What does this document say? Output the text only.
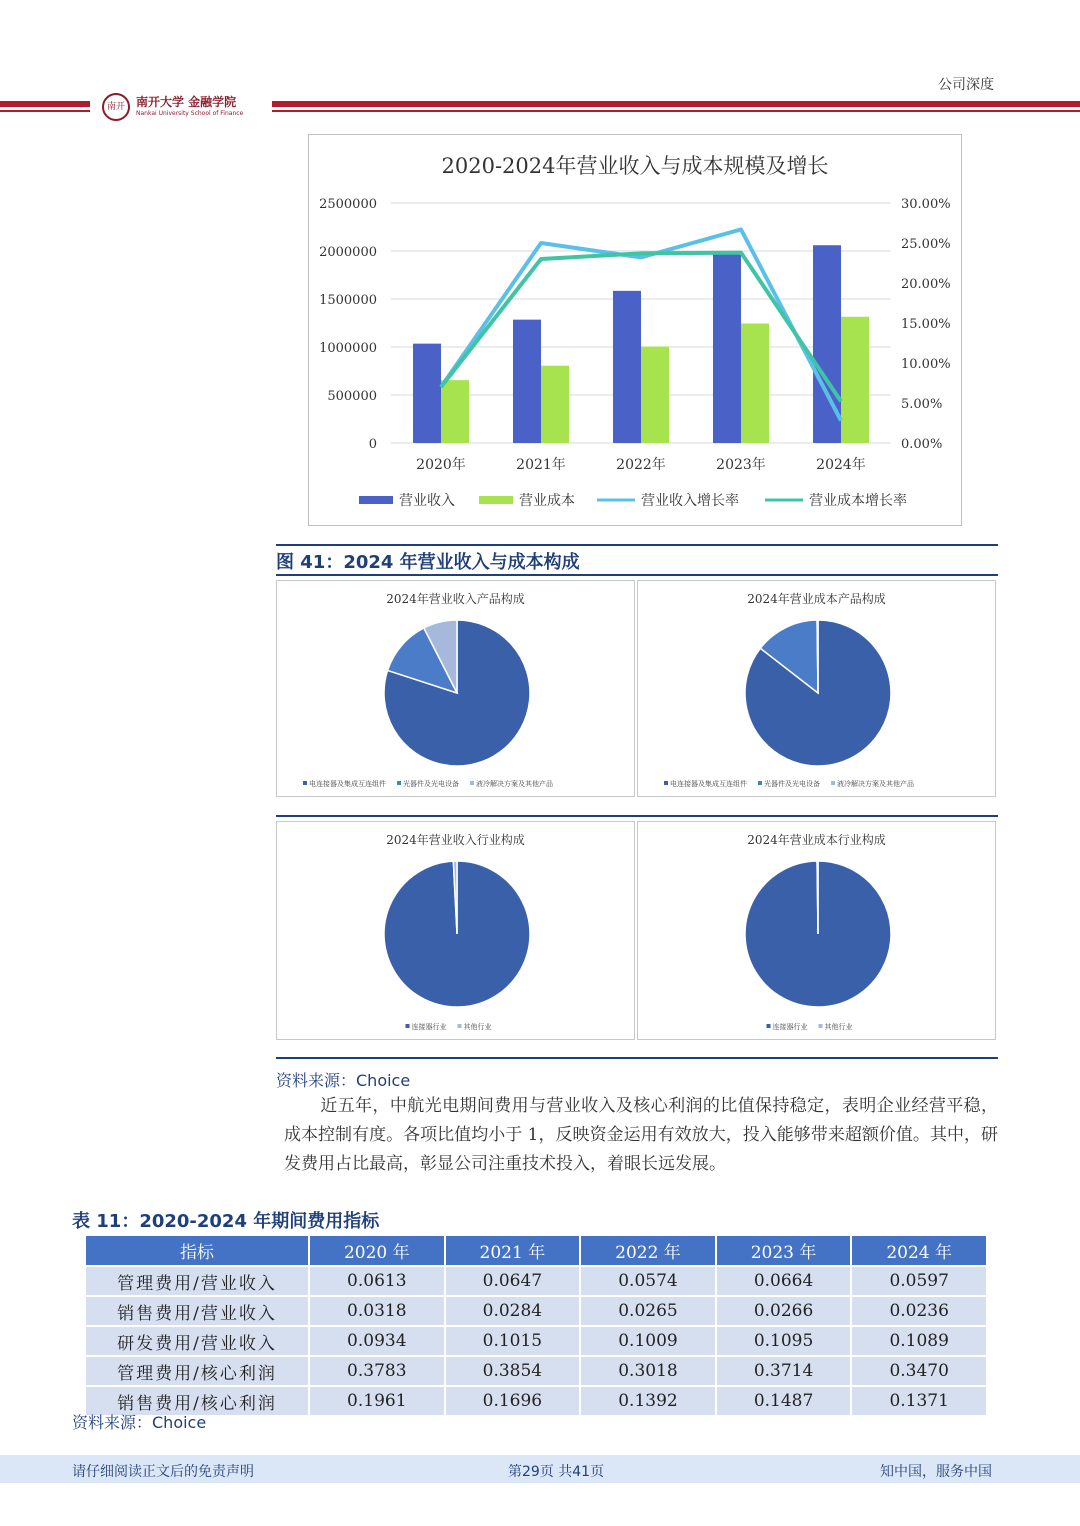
公司深度
南开 南开大学 金融学院
Nankai University School of Finance
2020-2024年营业收入与成本规模及增长
0
500000
1000000
1500000
2000000
2500000
0.00%
5.00%
10.00%
15.00%
20.00%
25.00%
30.00%
2020年	2021年	2022年	2023年	2024年
营业收入	营业成本	营业收入增长率	营业成本增长率
图 41：2024 年营业收入与成本构成
2024年营业收入产品构成
电连接器及集成互连组件 光器件及光电设备 液冷解决方案及其他产品
2024年营业成本产品构成
电连接器及集成互连组件 光器件及光电设备 液冷解决方案及其他产品
2024年营业收入行业构成
连接器行业 其他行业
2024年营业成本行业构成
连接器行业 其他行业
资料来源：Choice
近五年，中航光电期间费用与营业收入及核心利润的比值保持稳定，表明企业经营平稳，成本控制有度。各项比值均小于 1，反映资金运用有效放大，投入能够带来超额价值。其中，研发费用占比最高，彰显公司注重技术投入，着眼长远发展。
表 11：2020-2024 年期间费用指标
指标	2020 年	2021 年	2022 年	2023 年	2024 年
管理费用/营业收入	0.0613	0.0647	0.0574	0.0664	0.0597
销售费用/营业收入	0.0318	0.0284	0.0265	0.0266	0.0236
研发费用/营业收入	0.0934	0.1015	0.1009	0.1095	0.1089
管理费用/核心利润	0.3783	0.3854	0.3018	0.3714	0.3470
销售费用/核心利润	0.1961	0.1696	0.1392	0.1487	0.1371
资料来源：Choice
请仔细阅读正文后的免责声明	第29页 共41页	知中国，服务中国
